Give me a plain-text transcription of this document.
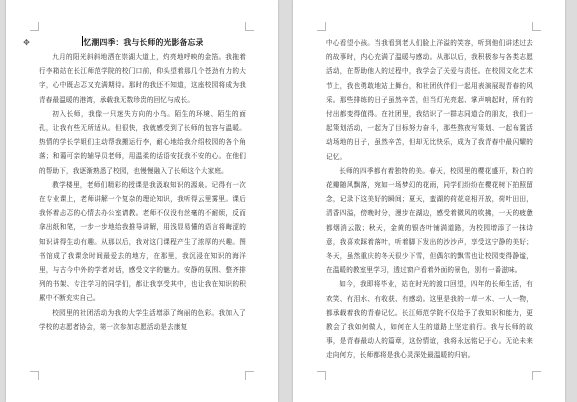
✥	忆潮四季：我与长师的光影备忘录

九月的阳光斜斜地洒在崇湖大道上，灼亮地呼映的金箔。我拖着行李箱站在长江师范学院的校门口前，仰头望着那几个苍劲有力的大字，心中既忐忑又充满期待。那时的我还不知道，这座校园将成为我青春最温暖的港湾，承载我无数珍贵的回忆与成长。

初入长师，我像一只迷失方向的小鸟。陌生的环境、陌生的面孔，让我有些无所适从。但很快，我就感受到了长师的包容与温暖。热情的学长学姐们主动帮我搬运行李，耐心地给我介绍校园的各个角落；和蔼可亲的辅导员老师，用温柔的话语安抚我不安的心。在他们的帮助下，我逐渐熟悉了校园，也慢慢融入了长师这个大家庭。

教学楼里，老师们精彩的授课是我汲取知识的源泉。记得有一次在专业课上，老师讲解一个复杂的理论知识，我听得云里雾里。课后我怀着忐忑的心情去办公室请教。老师不仅没有丝毫的不耐烦，反而拿出纸和笔，一步一步地给我推导讲解，用浅显易懂的语言将晦涩的知识讲得生动有趣。从那以后，我对这门课程产生了浓厚的兴趣。图书馆成了我课余时间最爱去的地方，在那里，我沉浸在知识的海洋里，与古今中外的学者对话，感受文字的魅力。安静的氛围、整齐排列的书架、专注学习的同学们，都让我享受其中，也让我在知识的积累中不断充实自己。

校园里的社团活动为我的大学生活增添了绚丽的色彩。我加入了学校的志愿者协会，第一次参加志愿活动是去康复

中心看望小孩。当我看到老人们脸上洋溢的笑容，听到他们讲述过去的故事时，内心充满了温暖与感动。从那以后，我积极参与各类志愿活动，在帮助他人的过程中，我学会了关爱与责任。在校园文化艺术节上，我也勇敢地站上舞台，和社团伙伴们一起用表演展现青春的风采。那些排练的日子虽然辛苦，但当灯光亮起、掌声响起时，所有的付出都变得值得。在社团里，我结识了一群志同道合的朋友，我们一起策划活动，一起为了目标努力奋斗，那些熬夜写策划、一起布置活动场地的日子，虽然辛苦，但却无比快乐，成为了我青春中最闪耀的记忆。

长师的四季都有着独特的美。春天，校园里的樱花盛开，粉白的花瓣随风飘落，宛如一场梦幻的花雨，同学们纷纷在樱花树下拍照留念，记录下这美好的瞬间；夏天，蛮湖的荷花竞相开放，荷叶田田，清香四溢，傍晚时分，漫步在湖边，感受着微风的吹拂，一天的疲惫都烟消云散；秋天，金黄的银杏叶铺满道路，为校园增添了一抹诗意，我喜欢踩着落叶，听着脚下发出的沙沙声，享受这宁静的美好；冬天，虽然重庆的冬天很少下雪，但偶尔的飘雪也让校园变得静谧，在温暖的教室里学习，透过窗户看着外面的景色，别有一番滋味。

如今，我即将毕业，站在时光的渡口回望，四年的长师生活，有欢笑、有泪水、有收获、有感动。这里是我的一草一木、一人一物，都承载着我的青春记忆。长江师范学院不仅给予了我知识和能力，更教会了我如何做人，如何在人生的道路上坚定前行。我与长师的故事，是青春最动人的篇章，这份情谊，我将永远铭记于心。无论未来走向何方，长师都将是我心灵深处最温暖的归宿。
